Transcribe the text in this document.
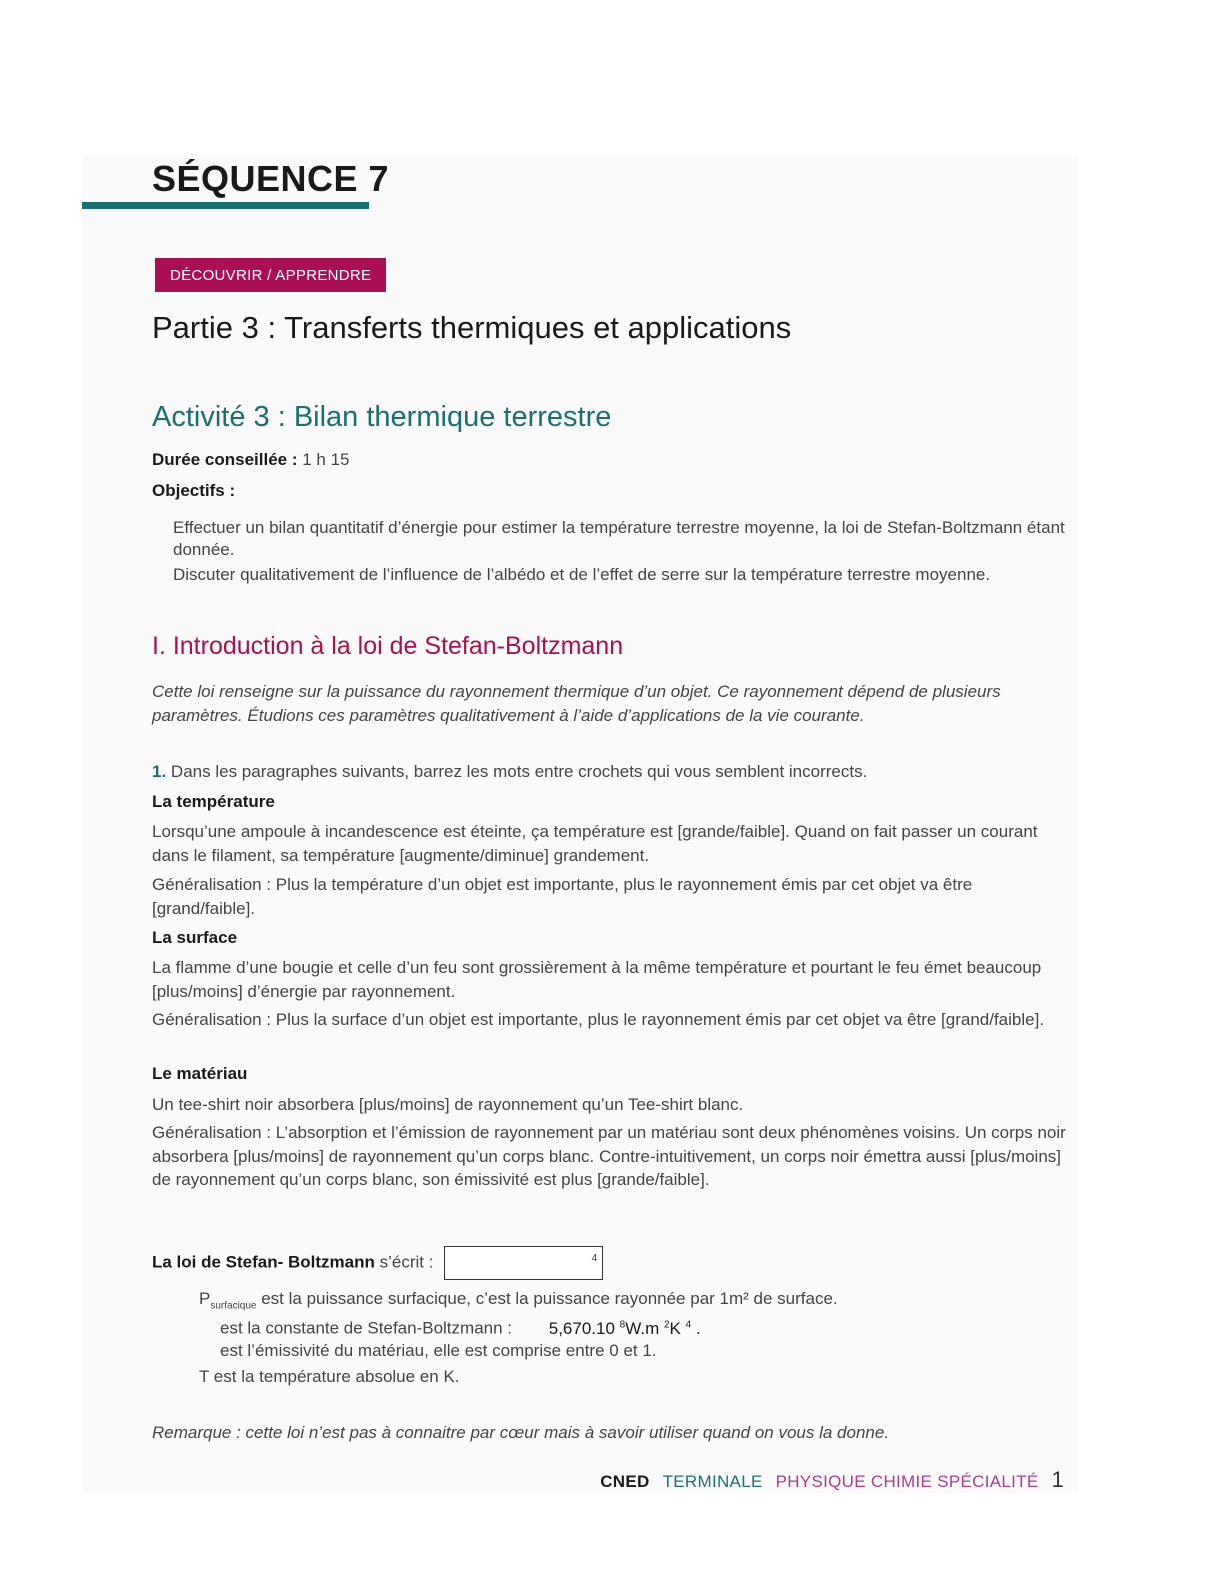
SÉQUENCE 7
DÉCOUVRIR / APPRENDRE
Partie 3 : Transferts thermiques et applications
Activité 3 : Bilan thermique terrestre
Durée conseillée : 1 h 15
Objectifs :
Effectuer un bilan quantitatif d’énergie pour estimer la température terrestre moyenne, la loi de Stefan-Boltzmann étant donnée.
Discuter qualitativement de l’influence de l’albédo et de l’effet de serre sur la température terrestre moyenne.
I. Introduction à la loi de Stefan-Boltzmann
Cette loi renseigne sur la puissance du rayonnement thermique d’un objet. Ce rayonnement dépend de plusieurs paramètres. Étudions ces paramètres qualitativement à l’aide d’applications de la vie courante.
1. Dans les paragraphes suivants, barrez les mots entre crochets qui vous semblent incorrects.
La température
Lorsqu’une ampoule à incandescence est éteinte, ça température est [grande/faible]. Quand on fait passer un courant dans le filament, sa température [augmente/diminue] grandement.
Généralisation : Plus la température d’un objet est importante, plus le rayonnement émis par cet objet va être [grand/faible].
La surface
La flamme d’une bougie et celle d’un feu sont grossièrement à la même température et pourtant le feu émet beaucoup [plus/moins] d’énergie par rayonnement.
Généralisation : Plus la surface d’un objet est importante, plus le rayonnement émis par cet objet va être [grand/faible].
Le matériau
Un tee-shirt noir absorbera [plus/moins] de rayonnement qu’un Tee-shirt blanc.
Généralisation : L’absorption et l’émission de rayonnement par un matériau sont deux phénomènes voisins. Un corps noir absorbera [plus/moins] de rayonnement qu’un corps blanc. Contre-intuitivement, un corps noir émettra aussi [plus/moins] de rayonnement qu’un corps blanc, son émissivité est plus [grande/faible].
La loi de Stefan- Boltzmann s’écrit :	4
$P_{surfacique}$ est la puissance surfacique, c’est la puissance rayonnée par 1m² de surface.
est la constante de Stefan-Boltzmann : 5,670.10 $^8$W.m $^2$K $^4$ .
est l’émissivité du matériau, elle est comprise entre 0 et 1.
T est la température absolue en K.
Remarque : cette loi n’est pas à connaitre par cœur mais à savoir utiliser quand on vous la donne.
CNED TERMINALE PHYSIQUE CHIMIE SPÉCIALITÉ 1
